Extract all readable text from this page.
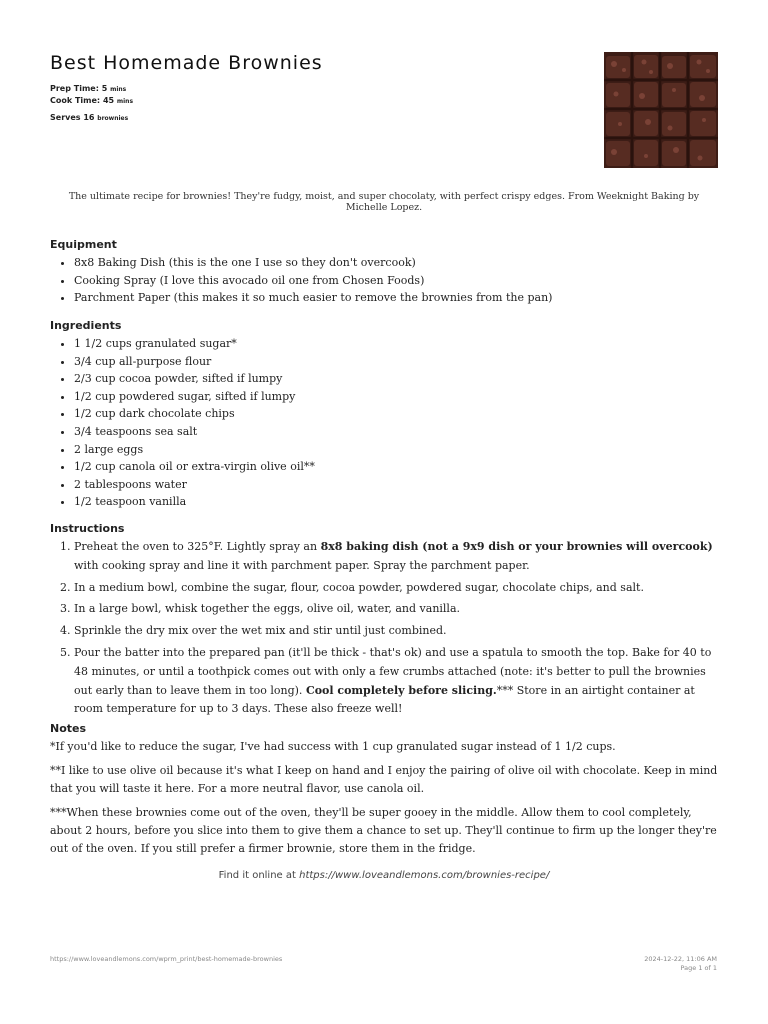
Best Homemade Brownies
Prep Time: 5 mins
Cook Time: 45 mins
Serves 16 brownies

The ultimate recipe for brownies! They're fudgy, moist, and super chocolaty, with perfect crispy edges. From Weeknight Baking by Michelle Lopez.

Equipment
• 8x8 Baking Dish (this is the one I use so they don't overcook)
• Cooking Spray (I love this avocado oil one from Chosen Foods)
• Parchment Paper (this makes it so much easier to remove the brownies from the pan)
Ingredients
• 1 1/2 cups granulated sugar*
• 3/4 cup all-purpose flour
• 2/3 cup cocoa powder, sifted if lumpy
• 1/2 cup powdered sugar, sifted if lumpy
• 1/2 cup dark chocolate chips
• 3/4 teaspoons sea salt
• 2 large eggs
• 1/2 cup canola oil or extra-virgin olive oil**
• 2 tablespoons water
• 1/2 teaspoon vanilla
Instructions
1. Preheat the oven to 325°F. Lightly spray an 8x8 baking dish (not a 9x9 dish or your brownies will overcook) with cooking spray and line it with parchment paper. Spray the parchment paper.
2. In a medium bowl, combine the sugar, flour, cocoa powder, powdered sugar, chocolate chips, and salt.
3. In a large bowl, whisk together the eggs, olive oil, water, and vanilla.
4. Sprinkle the dry mix over the wet mix and stir until just combined.
5. Pour the batter into the prepared pan (it'll be thick - that's ok) and use a spatula to smooth the top. Bake for 40 to 48 minutes, or until a toothpick comes out with only a few crumbs attached (note: it's better to pull the brownies out early than to leave them in too long). Cool completely before slicing.*** Store in an airtight container at room temperature for up to 3 days. These also freeze well!
Notes

*If you'd like to reduce the sugar, I've had success with 1 cup granulated sugar instead of 1 1/2 cups.

**I like to use olive oil because it's what I keep on hand and I enjoy the pairing of olive oil with chocolate. Keep in mind that you will taste it here. For a more neutral flavor, use canola oil.

***When these brownies come out of the oven, they'll be super gooey in the middle. Allow them to cool completely, about 2 hours, before you slice into them to give them a chance to set up. They'll continue to firm up the longer they're out of the oven. If you still prefer a firmer brownie, store them in the fridge.

Find it online at https://www.loveandlemons.com/brownies-recipe/
https://www.loveandlemons.com/wprm_print/best-homemade-brownies	2024-12-22, 11:06 AM
Page 1 of 1
